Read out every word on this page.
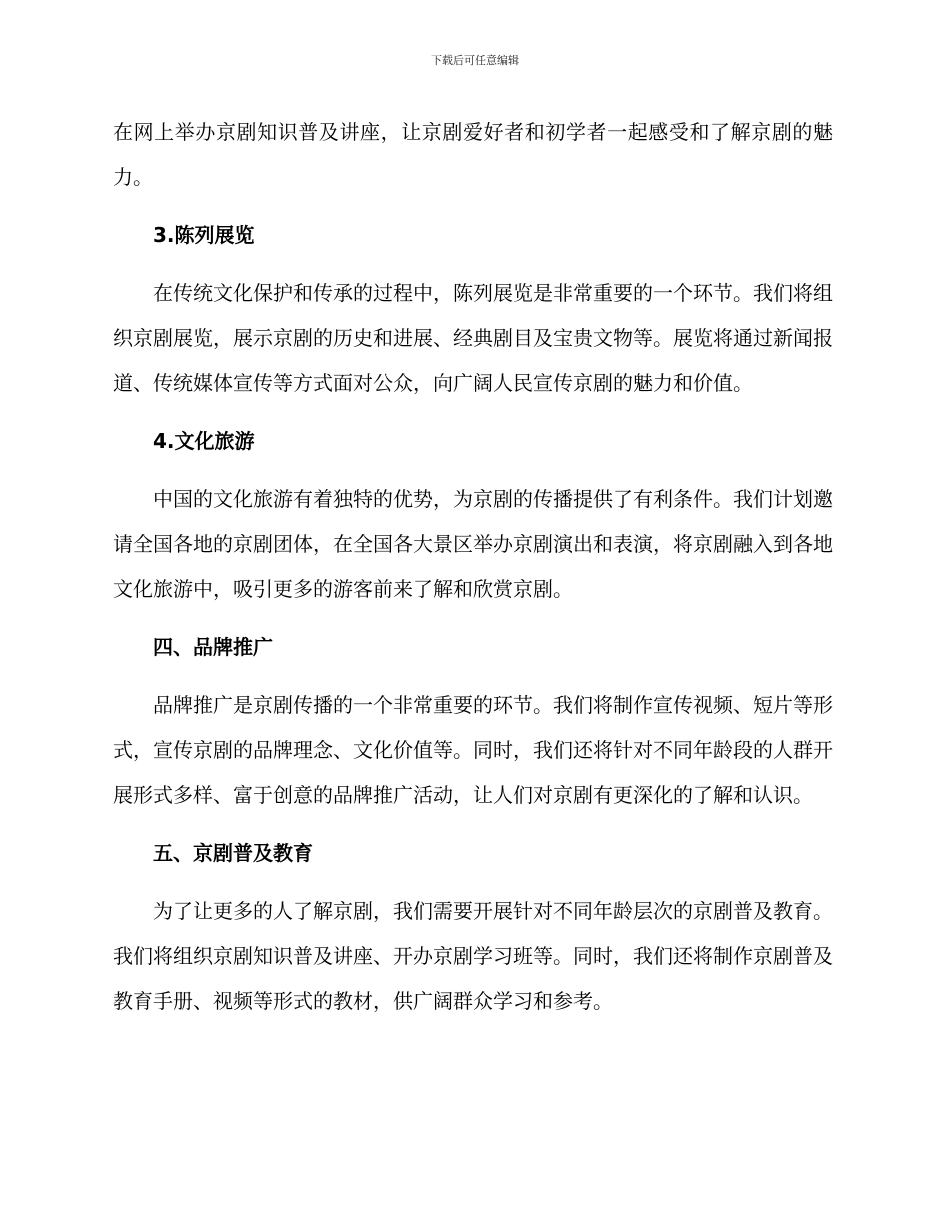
下载后可任意编辑

在网上举办京剧知识普及讲座，让京剧爱好者和初学者一起感受和了解京剧的魅力。

3.陈列展览

在传统文化保护和传承的过程中，陈列展览是非常重要的一个环节。我们将组织京剧展览，展示京剧的历史和进展、经典剧目及宝贵文物等。展览将通过新闻报道、传统媒体宣传等方式面对公众，向广阔人民宣传京剧的魅力和价值。

4.文化旅游

中国的文化旅游有着独特的优势，为京剧的传播提供了有利条件。我们计划邀请全国各地的京剧团体，在全国各大景区举办京剧演出和表演，将京剧融入到各地文化旅游中，吸引更多的游客前来了解和欣赏京剧。

四、品牌推广

品牌推广是京剧传播的一个非常重要的环节。我们将制作宣传视频、短片等形式，宣传京剧的品牌理念、文化价值等。同时，我们还将针对不同年龄段的人群开展形式多样、富于创意的品牌推广活动，让人们对京剧有更深化的了解和认识。

五、京剧普及教育

为了让更多的人了解京剧，我们需要开展针对不同年龄层次的京剧普及教育。我们将组织京剧知识普及讲座、开办京剧学习班等。同时，我们还将制作京剧普及教育手册、视频等形式的教材，供广阔群众学习和参考。
